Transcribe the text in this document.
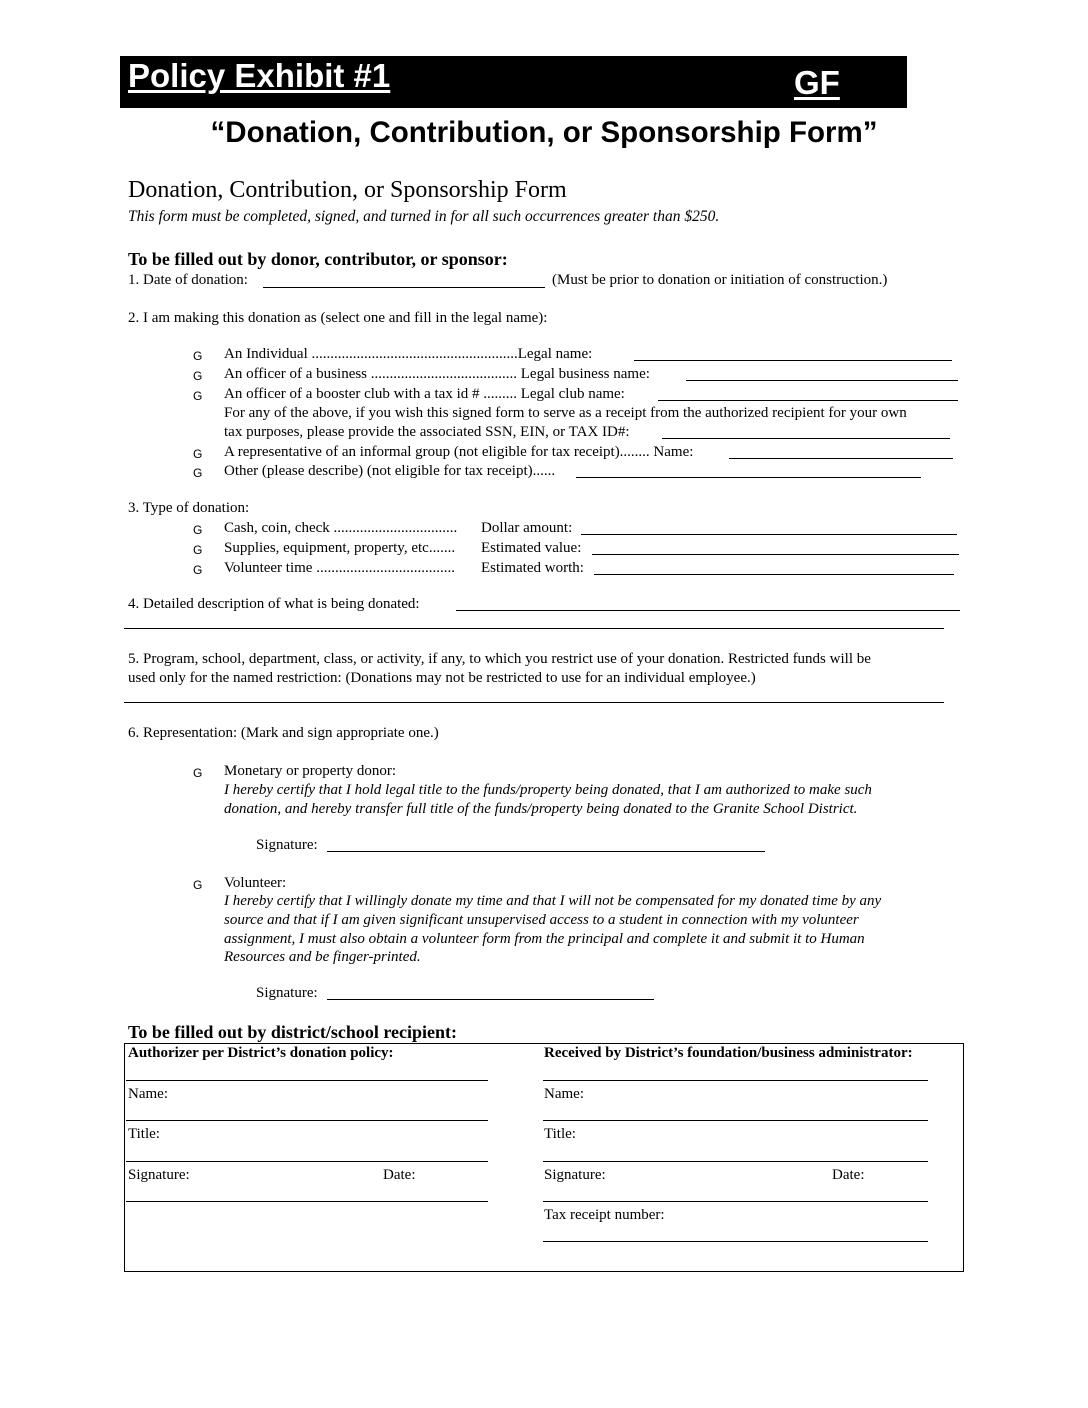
Policy Exhibit #1	GF
“Donation, Contribution, or Sponsorship Form”
Donation, Contribution, or Sponsorship Form
This form must be completed, signed, and turned in for all such occurrences greater than $250.
To be filled out by donor, contributor, or sponsor:
1. Date of donation:	(Must be prior to donation or initiation of construction.)
2. I am making this donation as (select one and fill in the legal name):
G An Individual .......................................................Legal name:
G An officer of a business ....................................... Legal business name:
G An officer of a booster club with a tax id # ......... Legal club name:
For any of the above, if you wish this signed form to serve as a receipt from the authorized recipient for your own
tax purposes, please provide the associated SSN, EIN, or TAX ID#:
G A representative of an informal group (not eligible for tax receipt)........ Name:
G Other (please describe) (not eligible for tax receipt)......
3. Type of donation:
G Cash, coin, check ................................. Dollar amount:
G Supplies, equipment, property, etc....... Estimated value:
G Volunteer time ..................................... Estimated worth:
4. Detailed description of what is being donated:
5. Program, school, department, class, or activity, if any, to which you restrict use of your donation. Restricted funds will be
used only for the named restriction: (Donations may not be restricted to use for an individual employee.)
6. Representation: (Mark and sign appropriate one.)
G Monetary or property donor:
I hereby certify that I hold legal title to the funds/property being donated, that I am authorized to make such
donation, and hereby transfer full title of the funds/property being donated to the Granite School District.
Signature:
G Volunteer:
I hereby certify that I willingly donate my time and that I will not be compensated for my donated time by any
source and that if I am given significant unsupervised access to a student in connection with my volunteer
assignment, I must also obtain a volunteer form from the principal and complete it and submit it to Human
Resources and be finger-printed.
Signature:
To be filled out by district/school recipient:
Authorizer per District’s donation policy:
Name:
Title:
Signature:	Date:
Received by District’s foundation/business administrator:
Name:
Title:
Signature:	Date:
Tax receipt number:
